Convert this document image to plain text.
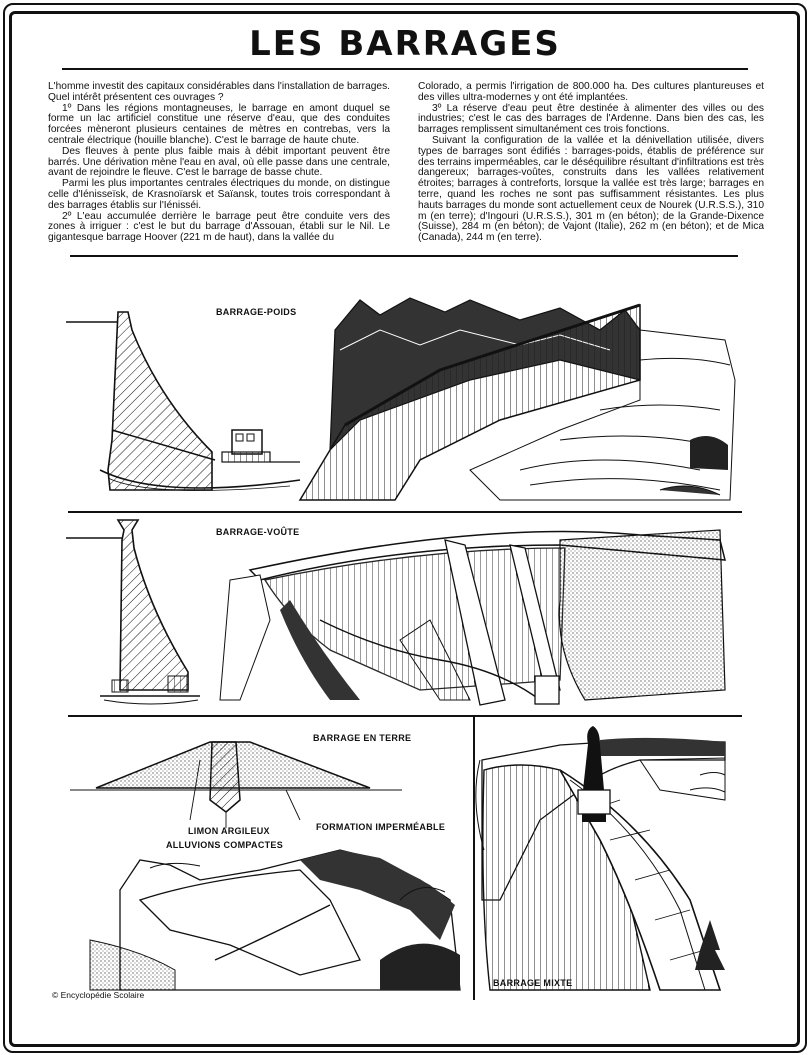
LES BARRAGES

L'homme investit des capitaux considérables dans l'installation de barrages. Quel intérêt présentent ces ouvrages ?

1º Dans les régions montagneuses, le barrage en amont duquel se forme un lac artificiel constitue une réserve d'eau, que des conduites forcées mèneront plusieurs centaines de mètres en contrebas, vers la centrale électrique (houille blanche). C'est le barrage de haute chute.

Des fleuves à pente plus faible mais à débit important peuvent être barrés. Une dérivation mène l'eau en aval, où elle passe dans une centrale, avant de rejoindre le fleuve. C'est le barrage de basse chute.

Parmi les plus importantes centrales électriques du monde, on distingue celle d'Iénisseïsk, de Krasnoïarsk et Saïansk, toutes trois correspondant à des barrages établis sur l'Iénisséi.

2º L'eau accumulée derrière le barrage peut être conduite vers des zones à irriguer : c'est le but du barrage d'Assouan, établi sur le Nil. Le gigantesque barrage Hoover (221 m de haut), dans la vallée du

Colorado, a permis l'irrigation de 800.000 ha. Des cultures plantureuses et des villes ultra-modernes y ont été implantées.

3º La réserve d'eau peut être destinée à alimenter des villes ou des industries; c'est le cas des barrages de l'Ardenne. Dans bien des cas, les barrages remplissent simultanément ces trois fonctions.

Suivant la configuration de la vallée et la dénivellation utilisée, divers types de barrages sont édifiés : barrages-poids, établis de préférence sur des terrains imperméables, car le déséquilibre résultant d'infiltrations est très dangereux; barrages-voûtes, construits dans les vallées relativement étroites; barrages à contreforts, lorsque la vallée est très large; barrages en terre, quand les roches ne sont pas suffisamment résistantes. Les plus hauts barrages du monde sont actuellement ceux de Nourek (U.R.S.S.), 310 m (en terre); d'Ingouri (U.R.S.S.), 301 m (en béton); de la Grande-Dixence (Suisse), 284 m (en béton); de Vajont (Italie), 262 m (en béton); et de Mica (Canada), 244 m (en terre).

BARRAGE-POIDS
BARRAGE-VOÛTE
BARRAGE EN TERRE
LIMON ARGILEUX
ALLUVIONS COMPACTES
FORMATION IMPERMÉABLE
BARRAGE MIXTE
© Encyclopédie Scolaire
